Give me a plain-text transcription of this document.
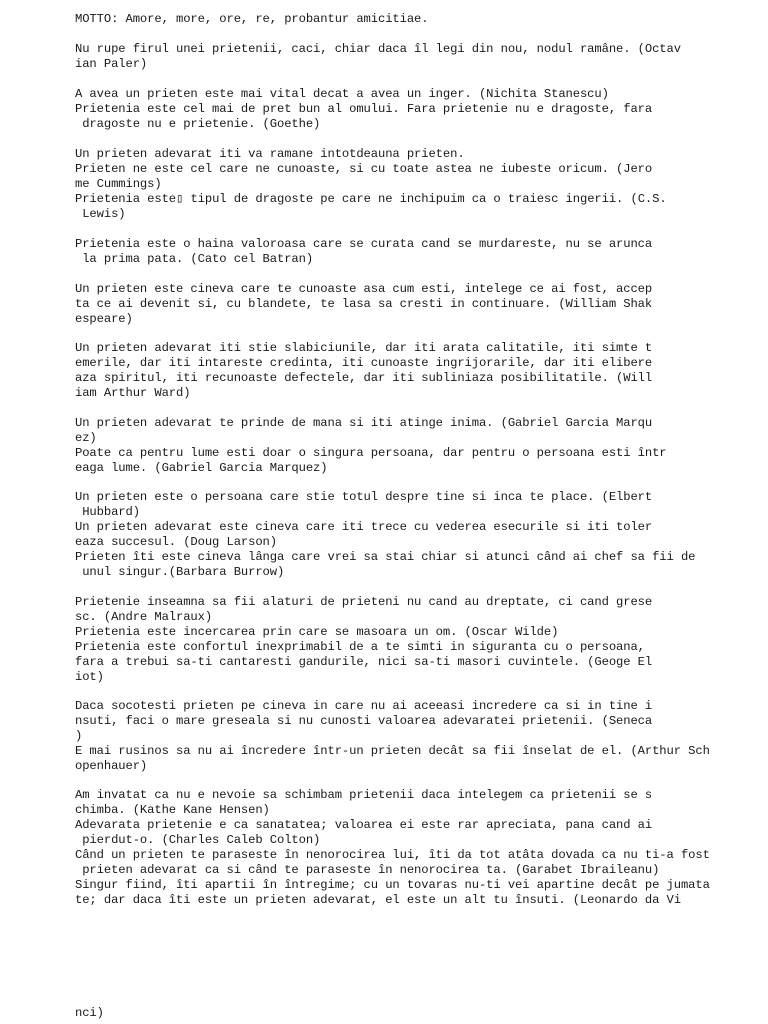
MOTTO: Amore, more, ore, re, probantur amicitiae.

Nu rupe firul unei prietenii, caci, chiar daca îl legi din nou, nodul ramâne. (Octav

ian Paler)

A avea un prieten este mai vital decat a avea un inger. (Nichita Stanescu)

Prietenia este cel mai de pret bun al omului. Fara prietenie nu e dragoste, fara

dragoste nu e prietenie. (Goethe)

Un prieten adevarat iti va ramane intotdeauna prieten.

Prieten ne este cel care ne cunoaste, si cu toate astea ne iubeste oricum. (Jero

me Cummings)

Prietenia este▯ tipul de dragoste pe care ne inchipuim ca o traiesc ingerii. (C.S.

Lewis)

Prietenia este o haina valoroasa care se curata cand se murdareste, nu se arunca

la prima pata. (Cato cel Batran)

Un prieten este cineva care te cunoaste asa cum esti, intelege ce ai fost, accep

ta ce ai devenit si, cu blandete, te lasa sa cresti in continuare. (William Shak

espeare)

Un prieten adevarat iti stie slabiciunile, dar iti arata calitatile, iti simte t

emerile, dar iti intareste credinta, iti cunoaste ingrijorarile, dar iti elibere

aza spiritul, iti recunoaste defectele, dar iti subliniaza posibilitatile. (Will

iam Arthur Ward)

Un prieten adevarat te prinde de mana si iti atinge inima. (Gabriel Garcia Marqu

ez)

Poate ca pentru lume esti doar o singura persoana, dar pentru o persoana esti într

eaga lume. (Gabriel Garcia Marquez)

Un prieten este o persoana care stie totul despre tine si inca te place. (Elbert

Hubbard)

Un prieten adevarat este cineva care iti trece cu vederea esecurile si iti toler

eaza succesul. (Doug Larson)

Prieten îti este cineva lânga care vrei sa stai chiar si atunci când ai chef sa fii de

unul singur.(Barbara Burrow)

Prietenie inseamna sa fii alaturi de prieteni nu cand au dreptate, ci cand grese

sc. (Andre Malraux)

Prietenia este incercarea prin care se masoara un om. (Oscar Wilde)

Prietenia este confortul inexprimabil de a te simti in siguranta cu o persoana,

fara a trebui sa-ti cantaresti gandurile, nici sa-ti masori cuvintele. (Geoge El

iot)

Daca socotesti prieten pe cineva in care nu ai aceeasi incredere ca si in tine i

nsuti, faci o mare greseala si nu cunosti valoarea adevaratei prietenii. (Seneca

)

E mai rusinos sa nu ai încredere într-un prieten decât sa fii înselat de el. (Arthur Sch

openhauer)

Am invatat ca nu e nevoie sa schimbam prietenii daca intelegem ca prietenii se s

chimba. (Kathe Kane Hensen)

Adevarata prietenie e ca sanatatea; valoarea ei este rar apreciata, pana cand ai

pierdut-o. (Charles Caleb Colton)

Când un prieten te paraseste în nenorocirea lui, îti da tot atâta dovada ca nu ti-a fost

prieten adevarat ca si când te paraseste în nenorocirea ta. (Garabet Ibraileanu)

Singur fiind, îti apartii în întregime; cu un tovaras nu-ti vei apartine decât pe jumata

te; dar daca îti este un prieten adevarat, el este un alt tu însuti. (Leonardo da Vi

nci)
